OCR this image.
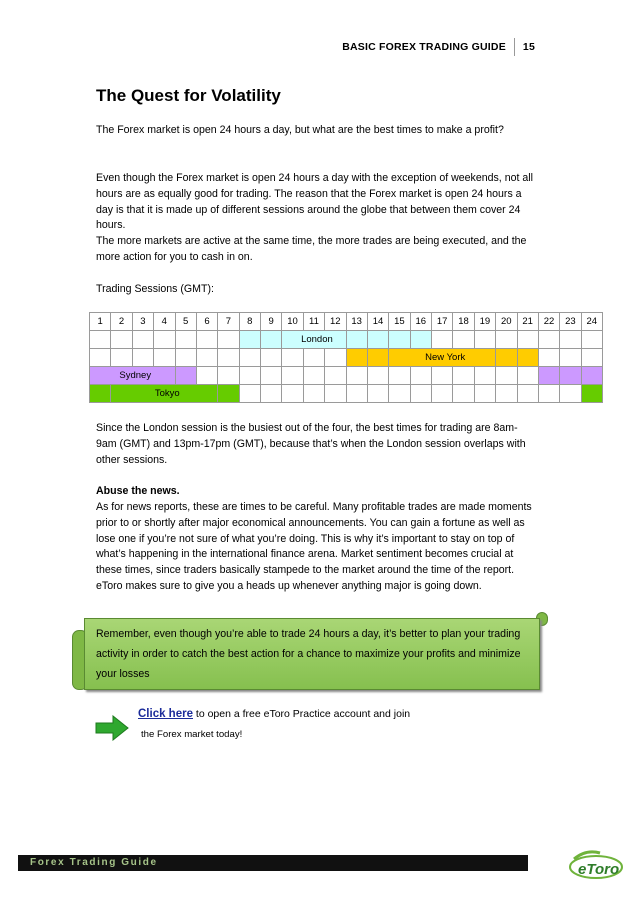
BASIC FOREX TRADING GUIDE 15
The Quest for Volatility
The Forex market is open 24 hours a day, but what are the best times to make a profit?
Even though the Forex market is open 24 hours a day with the exception of weekends, not all hours are as equally good for trading. The reason that the Forex market is open 24 hours a day is that it is made up of different sessions around the globe that between them cover 24 hours.
The more markets are active at the same time, the more trades are being executed, and the more action for you to cash in on.
Trading Sessions (GMT):
1	2	3	4	5	6	7	8	9	10	11	12	13	14	15	16	17	18	19	20	21	22	23	24
									London														
														New York									
Sydney																							
	Tokyo																						
Since the London session is the busiest out of the four, the best times for trading are 8am-9am (GMT) and 13pm-17pm (GMT), because that’s when the London session overlaps with other sessions.
Abuse the news.
As for news reports, these are times to be careful. Many profitable trades are made moments prior to or shortly after major economical announcements. You can gain a fortune as well as lose one if you’re not sure of what you’re doing. This is why it’s important to stay on top of what’s happening in the international finance arena. Market sentiment becomes crucial at these times, since traders basically stampede to the market around the time of the report. eToro makes sure to give you a heads up whenever anything major is going down.
Remember, even though you’re able to trade 24 hours a day, it’s better to plan your trading activity in order to catch the best action for a chance to maximize your profits and minimize your losses
Click here to open a free eToro Practice account and join
the Forex market today!
Forex Trading Guide	eToro
